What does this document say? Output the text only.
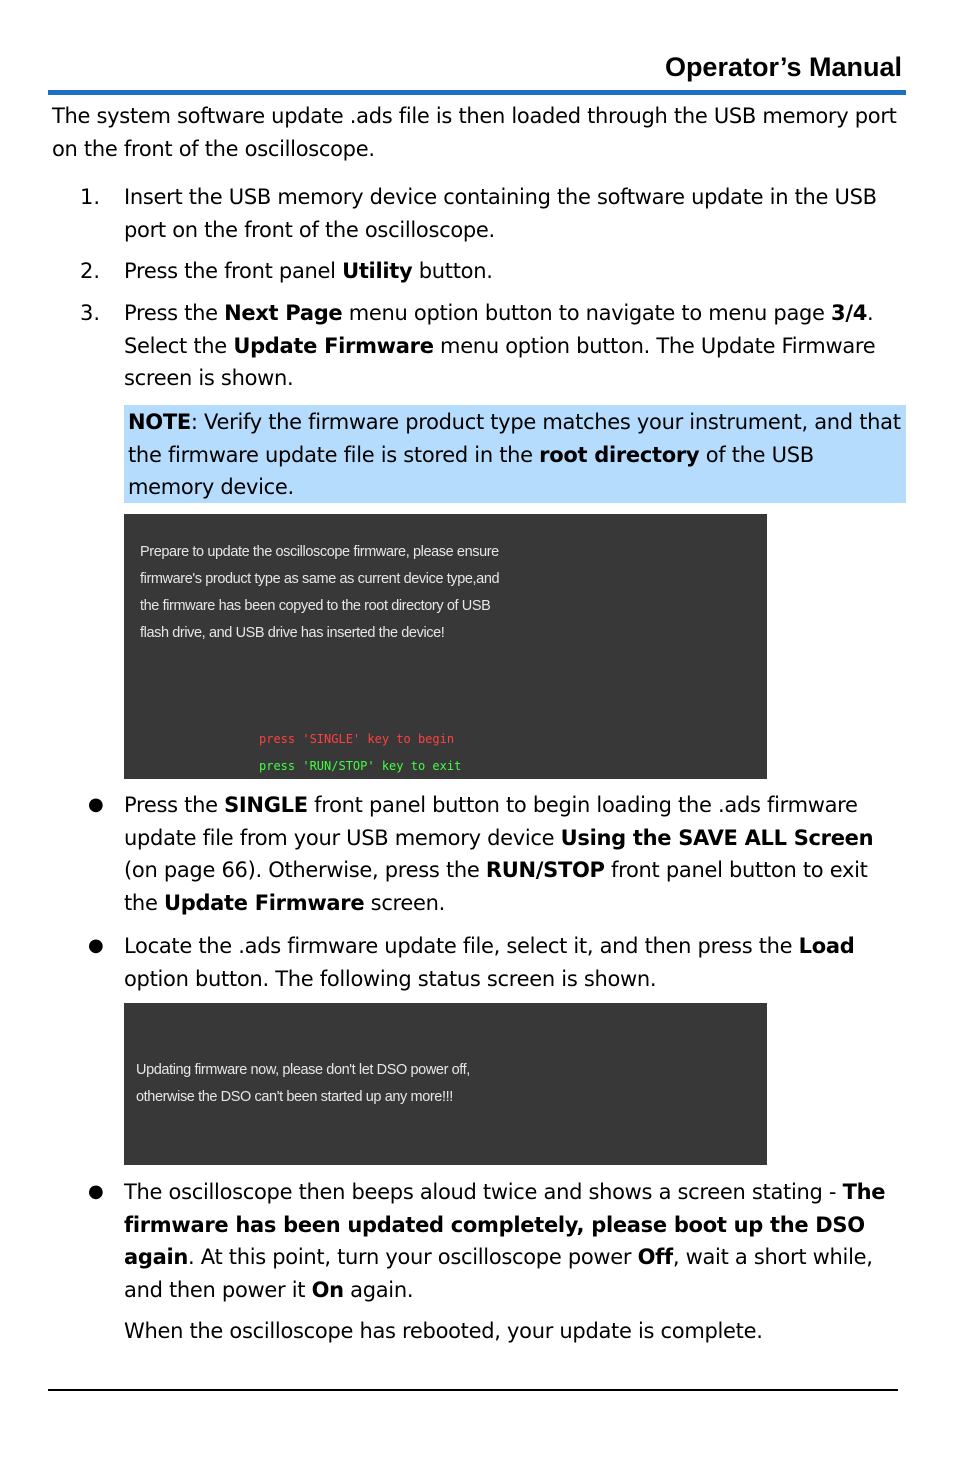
Operator’s Manual
The system software update .ads file is then loaded through the USB memory port on the front of the oscilloscope.
1. Insert the USB memory device containing the software update in the USB port on the front of the oscilloscope.
2. Press the front panel Utility button.
3. Press the Next Page menu option button to navigate to menu page 3/4. Select the Update Firmware menu option button. The Update Firmware screen is shown.
NOTE: Verify the firmware product type matches your instrument, and that the firmware update file is stored in the root directory of the USB memory device.
Prepare to update the oscilloscope firmware, please ensure
firmware's product type as same as current device type,and
the firmware has been copyed to the root directory of USB
flash drive, and USB drive has inserted the device!
press 'SINGLE' key to begin
press 'RUN/STOP' key to exit
● Press the SINGLE front panel button to begin loading the .ads firmware update file from your USB memory device Using the SAVE ALL Screen (on page 66). Otherwise, press the RUN/STOP front panel button to exit the Update Firmware screen.
● Locate the .ads firmware update file, select it, and then press the Load option button. The following status screen is shown.
Updating firmware now, please don't let DSO power off,
otherwise the DSO can't been started up any more!!!
● The oscilloscope then beeps aloud twice and shows a screen stating - The firmware has been updated completely, please boot up the DSO again. At this point, turn your oscilloscope power Off, wait a short while, and then power it On again.
When the oscilloscope has rebooted, your update is complete.
